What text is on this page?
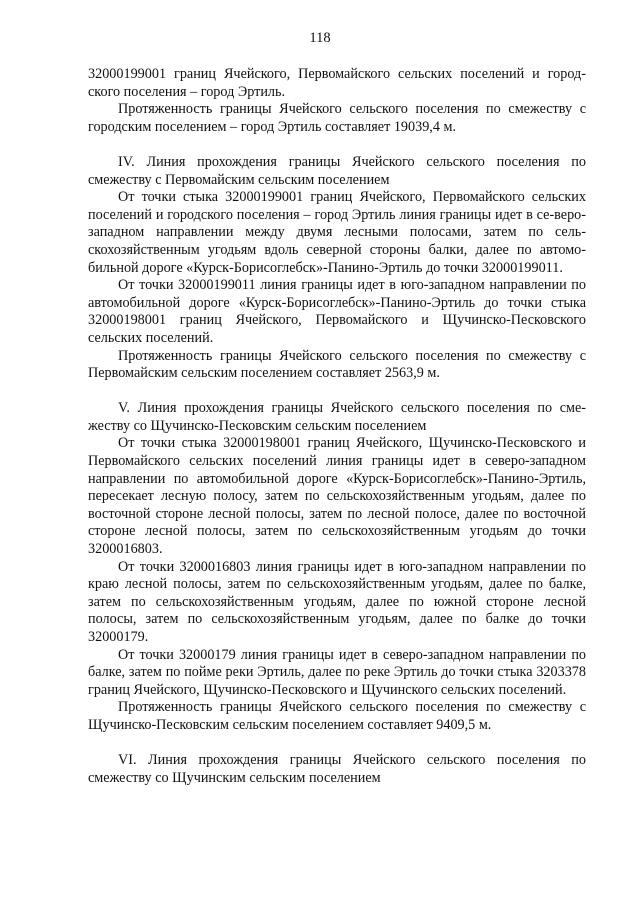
118

32000199001 границ Ячейского, Первомайского сельских поселений и город-ского поселения – город Эртиль.

Протяженность границы Ячейского сельского поселения по смежеству с городским поселением – город Эртиль составляет 19039,4 м.

IV. Линия прохождения границы Ячейского сельского поселения по смежеству с Первомайским сельским поселением

От точки стыка 32000199001 границ Ячейского, Первомайского сельских поселений и городского поселения – город Эртиль линия границы идет в се-веро-западном направлении между двумя лесными полосами, затем по сель-скохозяйственным угодьям вдоль северной стороны балки, далее по автомо-бильной дороге «Курск-Борисоглебск»-Панино-Эртиль до точки 32000199011.

От точки 32000199011 линия границы идет в юго-западном направлении по автомобильной дороге «Курск-Борисоглебск»-Панино-Эртиль до точки стыка 32000198001 границ Ячейского, Первомайского и Щучинско-Песковского сельских поселений.

Протяженность границы Ячейского сельского поселения по смежеству с Первомайским сельским поселением составляет 2563,9 м.

V. Линия прохождения границы Ячейского сельского поселения по сме-жеству со Щучинско-Песковским сельским поселением

От точки стыка 32000198001 границ Ячейского, Щучинско-Песковского и Первомайского сельских поселений линия границы идет в северо-западном направлении по автомобильной дороге «Курск-Борисоглебск»-Панино-Эртиль, пересекает лесную полосу, затем по сельскохозяйственным угодьям, далее по восточной стороне лесной полосы, затем по лесной полосе, далее по восточной стороне лесной полосы, затем по сельскохозяйственным угодьям до точки 3200016803.

От точки 3200016803 линия границы идет в юго-западном направлении по краю лесной полосы, затем по сельскохозяйственным угодьям, далее по балке, затем по сельскохозяйственным угодьям, далее по южной стороне лесной полосы, затем по сельскохозяйственным угодьям, далее по балке до точки 32000179.

От точки 32000179 линия границы идет в северо-западном направлении по балке, затем по пойме реки Эртиль, далее по реке Эртиль до точки стыка 3203378 границ Ячейского, Щучинско-Песковского и Щучинского сельских поселений.

Протяженность границы Ячейского сельского поселения по смежеству с Щучинско-Песковским сельским поселением составляет 9409,5 м.

VI. Линия прохождения границы Ячейского сельского поселения по смежеству со Щучинским сельским поселением
